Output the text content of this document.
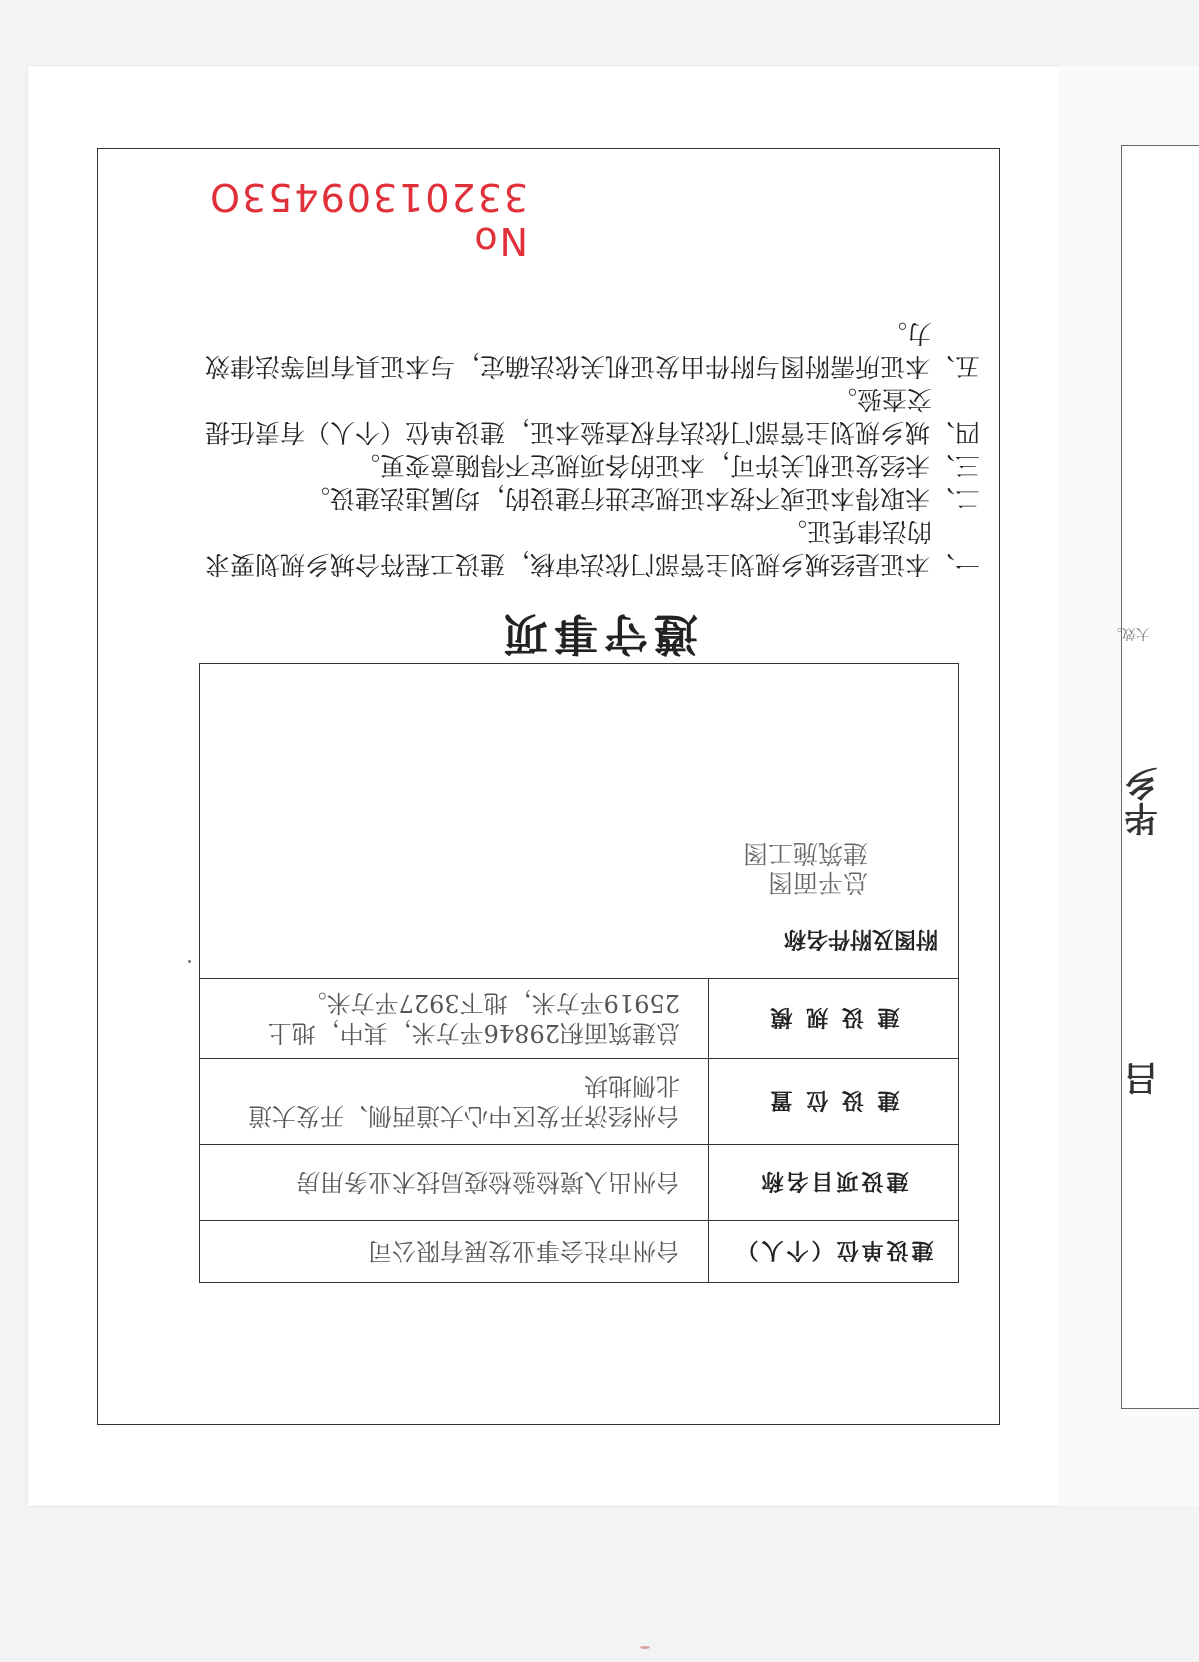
毕
乡
吕
大效。
No 33201309453O
遵守事项

一、本证是经城乡规划主管部门依法审核，建设工程符合城乡规划要求的法律凭证。

二、未取得本证或不按本证规定进行建设的，均属违法建设。

三、未经发证机关许可，本证的各项规定不得随意变更。

四、城乡规划主管部门依法有权查验本证，建设单位（个人）有责任提交查验。

五、本证所需附图与附件由发证机关依法确定，与本证具有同等法律效力。

建设单位（个人）
台州市社会事业发展有限公司
建设项目名称
台州出入境检验检疫局技术业务用房
建 设 位 置
台州经济开发区中心大道西侧、开发大道北侧地块
建 设 规 模
总建筑面积29846平方米，其中，地上25919平方米，地下3927平方米。
附图及附件名称
总平面图
建筑施工图
